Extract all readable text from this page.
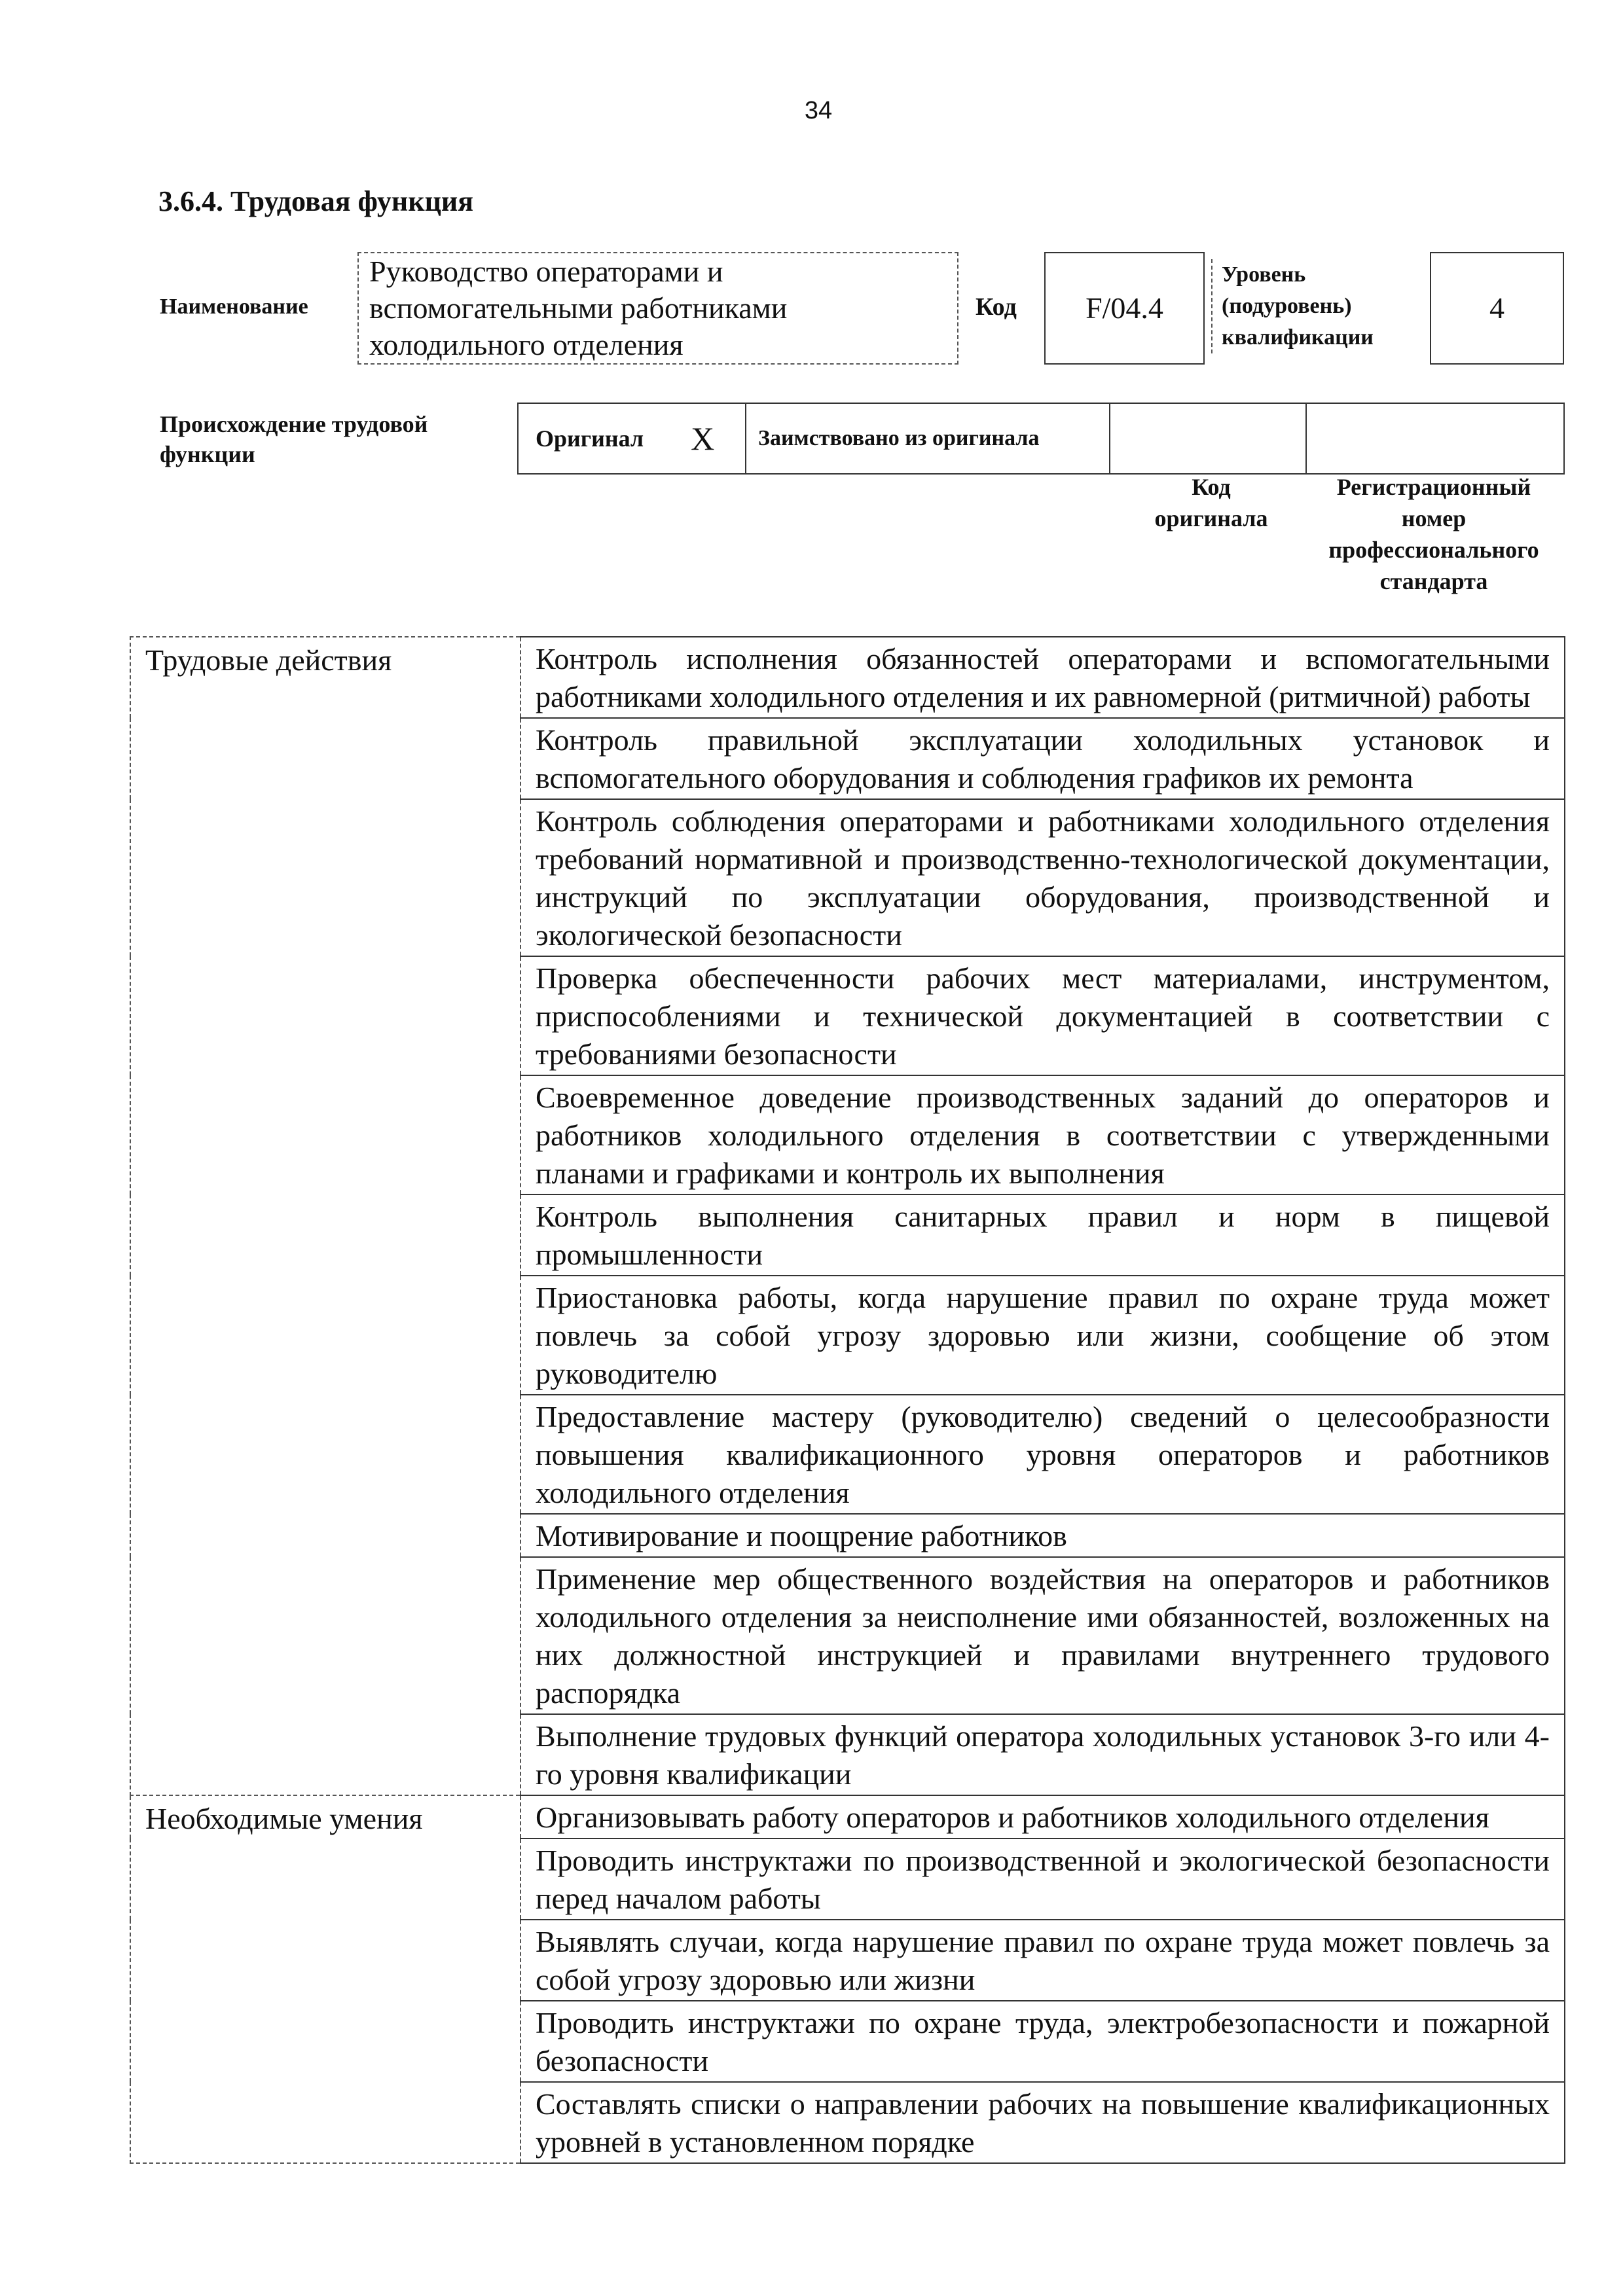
34
3.6.4. Трудовая функция
Наименование
Руководство операторами и
вспомогательными работниками
холодильного отделения
Код	F/04.4
Уровень
(подуровень)
квалификации
4
Происхождение трудовой
функции
Оригинал X Заимствовано из оригинала
Код
оригинала
Регистрационный
номер
профессионального
стандарта
Трудовые действия	Контроль исполнения обязанностей операторами и вспомогательными работниками холодильного отделения и их равномерной (ритмичной) работы
	Контроль правильной эксплуатации холодильных установок и вспомогательного оборудования и соблюдения графиков их ремонта
	Контроль соблюдения операторами и работниками холодильного отделения требований нормативной и производственно-технологической документации, инструкций по эксплуатации оборудования, производственной и экологической безопасности
	Проверка обеспеченности рабочих мест материалами, инструментом, приспособлениями и технической документацией в соответствии с требованиями безопасности
	Своевременное доведение производственных заданий до операторов и работников холодильного отделения в соответствии с утвержденными планами и графиками и контроль их выполнения
	Контроль выполнения санитарных правил и норм в пищевой промышленности
	Приостановка работы, когда нарушение правил по охране труда может повлечь за собой угрозу здоровью или жизни, сообщение об этом руководителю
	Предоставление мастеру (руководителю) сведений о целесообразности повышения квалификационного уровня операторов и работников холодильного отделения
	Мотивирование и поощрение работников
	Применение мер общественного воздействия на операторов и работников холодильного отделения за неисполнение ими обязанностей, возложенных на них должностной инструкцией и правилами внутреннего трудового распорядка
	Выполнение трудовых функций оператора холодильных установок 3-го или 4-го уровня квалификации
Необходимые умения	Организовывать работу операторов и работников холодильного отделения
	Проводить инструктажи по производственной и экологической безопасности перед началом работы
	Выявлять случаи, когда нарушение правил по охране труда может повлечь за собой угрозу здоровью или жизни
	Проводить инструктажи по охране труда, электробезопасности и пожарной безопасности
	Составлять списки о направлении рабочих на повышение квалификационных уровней в установленном порядке
